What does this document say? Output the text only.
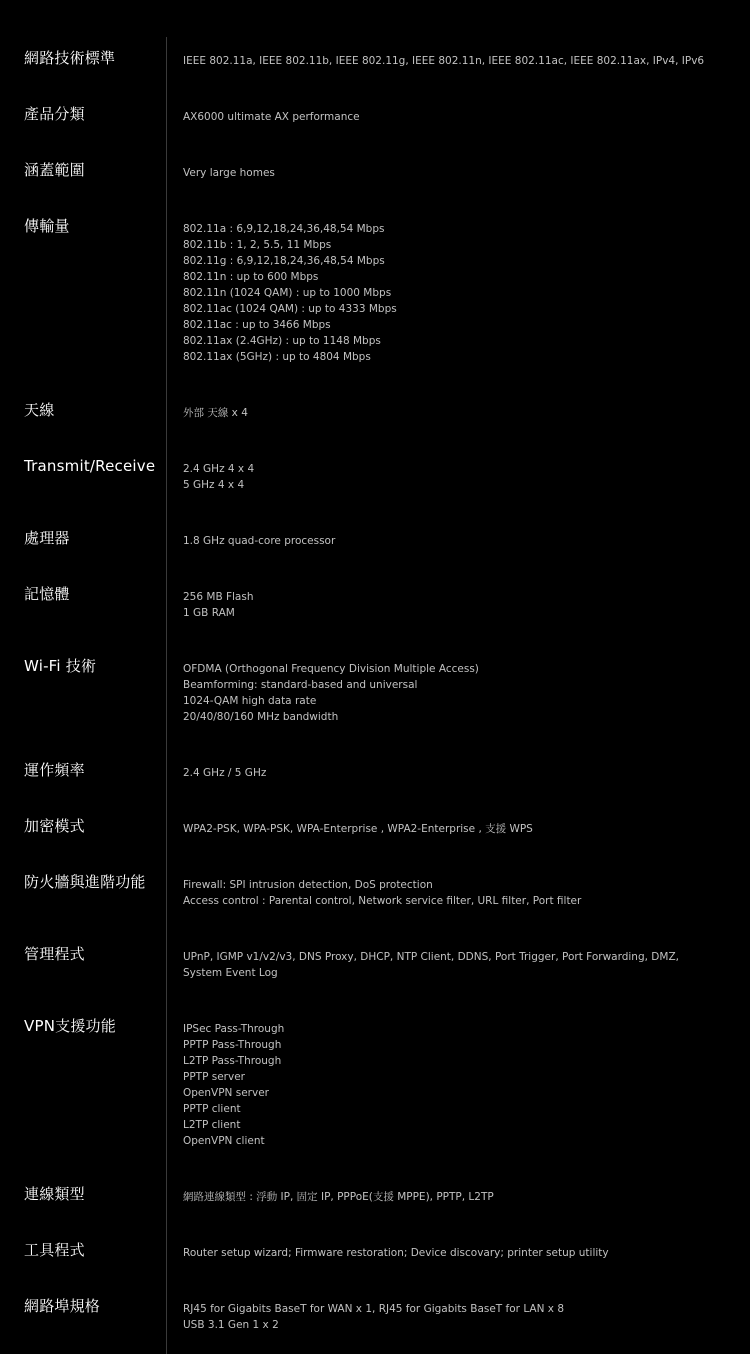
網路技術標準	IEEE 802.11a, IEEE 802.11b, IEEE 802.11g, IEEE 802.11n, IEEE 802.11ac, IEEE 802.11ax, IPv4, IPv6
產品分類	AX6000 ultimate AX performance
涵蓋範圍	Very large homes
傳輸量	802.11a : 6,9,12,18,24,36,48,54 Mbps
802.11b : 1, 2, 5.5, 11 Mbps
802.11g : 6,9,12,18,24,36,48,54 Mbps
802.11n : up to 600 Mbps
802.11n (1024 QAM) : up to 1000 Mbps
802.11ac (1024 QAM) : up to 4333 Mbps
802.11ac : up to 3466 Mbps
802.11ax (2.4GHz) : up to 1148 Mbps
802.11ax (5GHz) : up to 4804 Mbps
天線	外部 天線 x 4
Transmit/Receive	2.4 GHz 4 x 4
5 GHz 4 x 4
處理器	1.8 GHz quad-core processor
記憶體	256 MB Flash
1 GB RAM
Wi-Fi 技術	OFDMA (Orthogonal Frequency Division Multiple Access)
Beamforming: standard-based and universal
1024-QAM high data rate
20/40/80/160 MHz bandwidth
運作頻率	2.4 GHz / 5 GHz
加密模式	WPA2-PSK, WPA-PSK, WPA-Enterprise , WPA2-Enterprise , 支援 WPS
防火牆與進階功能	Firewall: SPI intrusion detection, DoS protection
Access control : Parental control, Network service filter, URL filter, Port filter
管理程式	UPnP, IGMP v1/v2/v3, DNS Proxy, DHCP, NTP Client, DDNS, Port Trigger, Port Forwarding, DMZ,
System Event Log
VPN支援功能	IPSec Pass-Through
PPTP Pass-Through
L2TP Pass-Through
PPTP server
OpenVPN server
PPTP client
L2TP client
OpenVPN client
連線類型	網路連線類型 : 浮動 IP, 固定 IP, PPPoE(支援 MPPE), PPTP, L2TP
工具程式	Router setup wizard; Firmware restoration; Device discovary; printer setup utility
網路埠規格	RJ45 for Gigabits BaseT for WAN x 1, RJ45 for Gigabits BaseT for LAN x 8
USB 3.1 Gen 1 x 2
